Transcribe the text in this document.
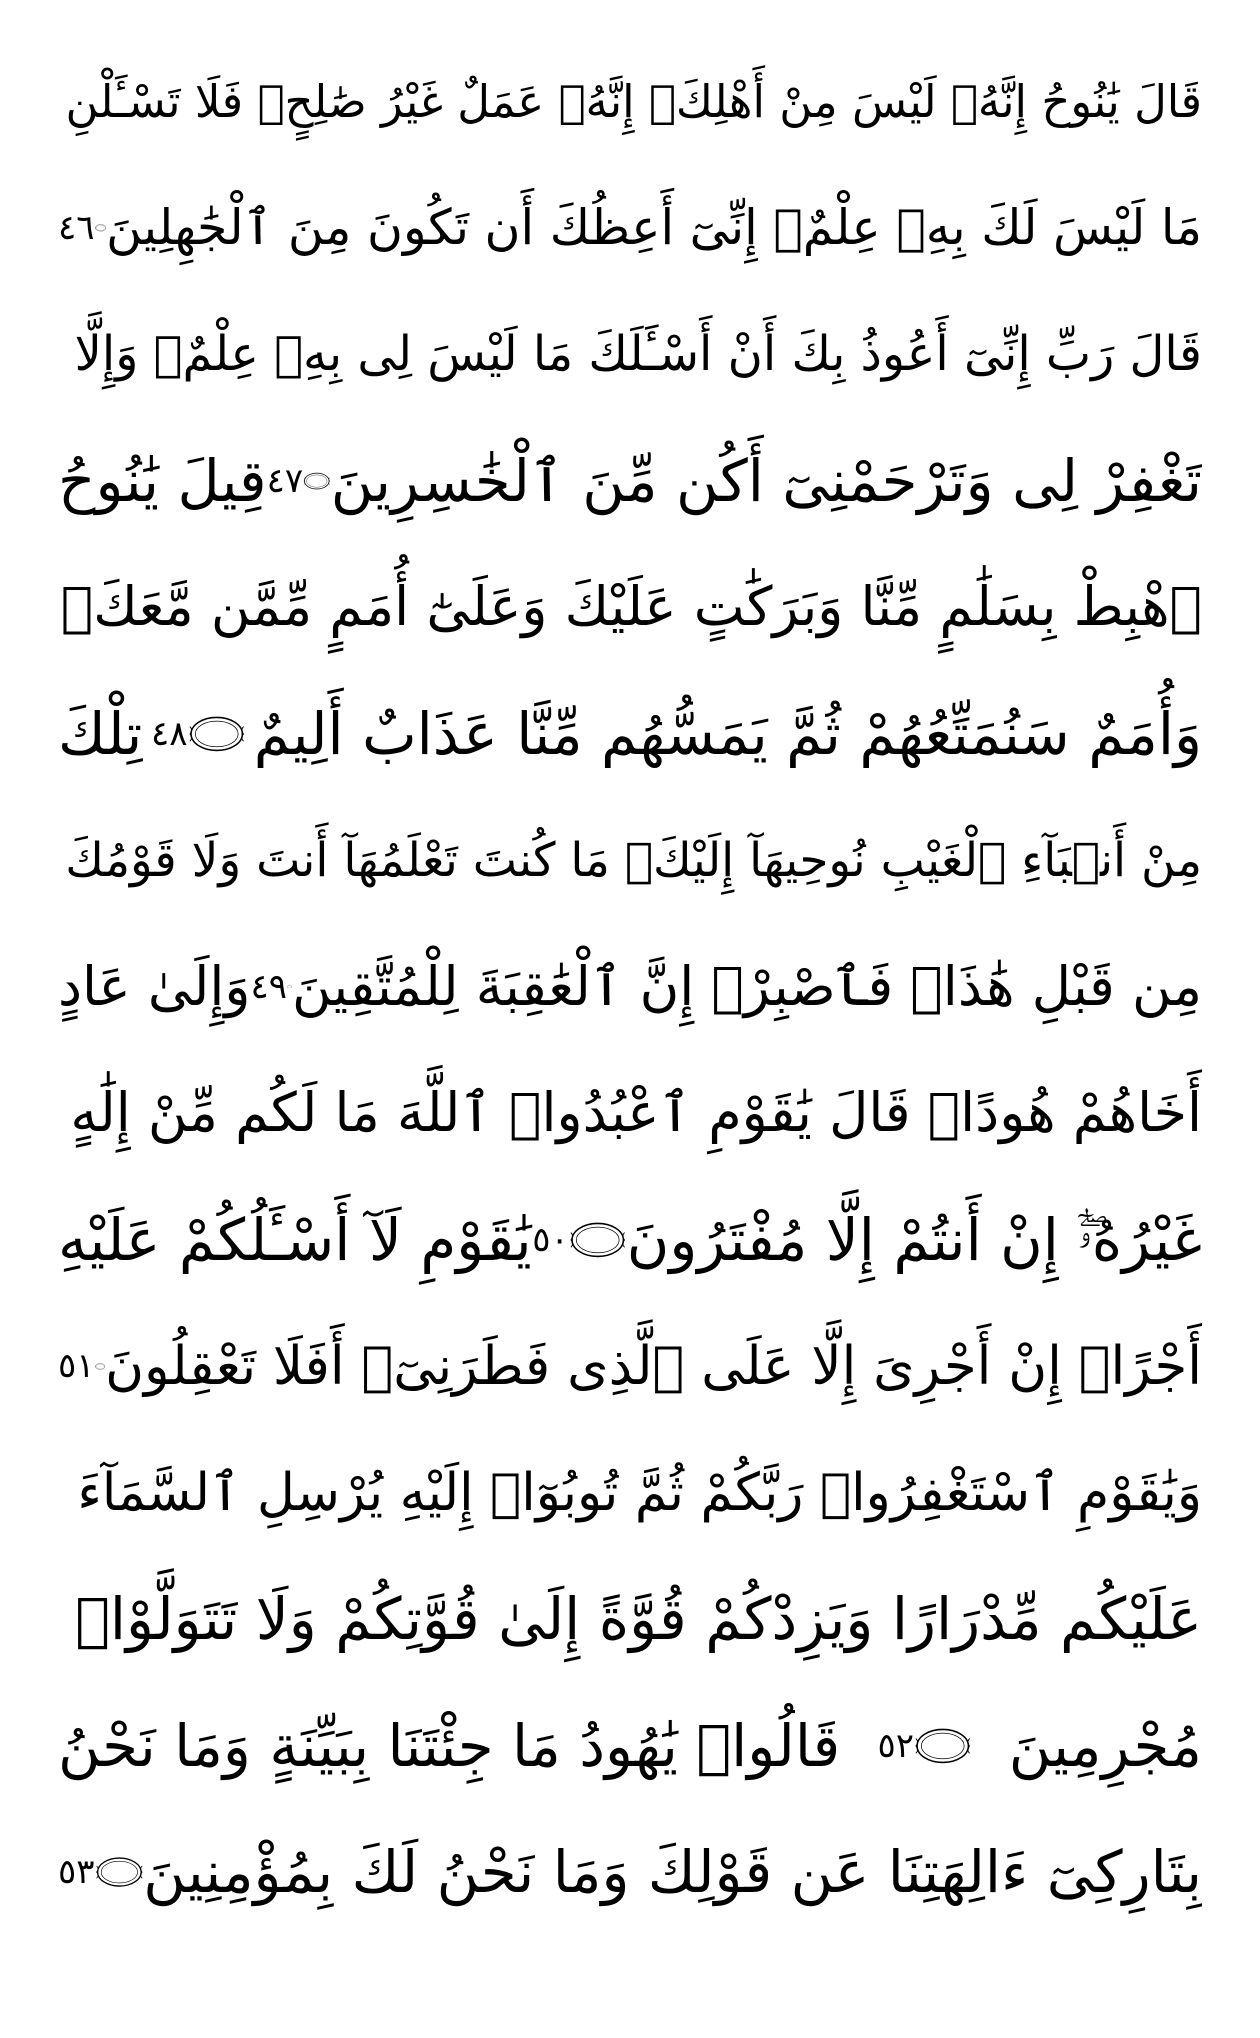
قَالَ يَٰنُوحُ إِنَّهُۥ لَيْسَ مِنْ أَهْلِكَۖ إِنَّهُۥ عَمَلٌ غَيْرُ صَٰلِحٍۖ فَلَا تَسْـَٔلْنِ
مَا لَيْسَ لَكَ بِهِۦ عِلْمٌۖ إِنِّىٓ أَعِظُكَ أَن تَكُونَ مِنَ ٱلْجَٰهِلِينَ
٤٦
قَالَ رَبِّ إِنِّىٓ أَعُوذُ بِكَ أَنْ أَسْـَٔلَكَ مَا لَيْسَ لِى بِهِۦ عِلْمٌۖ وَإِلَّا
تَغْفِرْ لِى وَتَرْحَمْنِىٓ أَكُن مِّنَ ٱلْخَٰسِرِينَ
٤٧
قِيلَ يَٰنُوحُ
ٱهْبِطْ بِسَلَٰمٍ مِّنَّا وَبَرَكَٰتٍ عَلَيْكَ وَعَلَىٰٓ أُمَمٍ مِّمَّن مَّعَكَۚ
وَأُمَمٌ سَنُمَتِّعُهُمْ ثُمَّ يَمَسُّهُم مِّنَّا عَذَابٌ أَلِيمٌ
٤٨
تِلْكَ
مِنْ أَنۢبَآءِ ٱلْغَيْبِ نُوحِيهَآ إِلَيْكَۖ مَا كُنتَ تَعْلَمُهَآ أَنتَ وَلَا قَوْمُكَ
مِن قَبْلِ هَٰذَاۖ فَٱصْبِرْۖ إِنَّ ٱلْعَٰقِبَةَ لِلْمُتَّقِينَ
٤٩
وَإِلَىٰ عَادٍ
أَخَاهُمْ هُودًاۚ قَالَ يَٰقَوْمِ ٱعْبُدُوا۟ ٱللَّهَ مَا لَكُم مِّنْ إِلَٰهٍ
غَيْرُهُۥٓۖ إِنْ أَنتُمْ إِلَّا مُفْتَرُونَ
٥٠
يَٰقَوْمِ لَآ أَسْـَٔلُكُمْ عَلَيْهِ
أَجْرًاۖ إِنْ أَجْرِىَ إِلَّا عَلَى ٱلَّذِى فَطَرَنِىٓۚ أَفَلَا تَعْقِلُونَ
٥١
وَيَٰقَوْمِ ٱسْتَغْفِرُوا۟ رَبَّكُمْ ثُمَّ تُوبُوٓا۟ إِلَيْهِ يُرْسِلِ ٱلسَّمَآءَ
عَلَيْكُم مِّدْرَارًا وَيَزِدْكُمْ قُوَّةً إِلَىٰ قُوَّتِكُمْ وَلَا تَتَوَلَّوْا۟
مُجْرِمِينَ
٥٢
قَالُوا۟ يَٰهُودُ مَا جِئْتَنَا بِبَيِّنَةٍ وَمَا نَحْنُ
بِتَارِكِىٓ ءَالِهَتِنَا عَن قَوْلِكَ وَمَا نَحْنُ لَكَ بِمُؤْمِنِينَ
٥٣
